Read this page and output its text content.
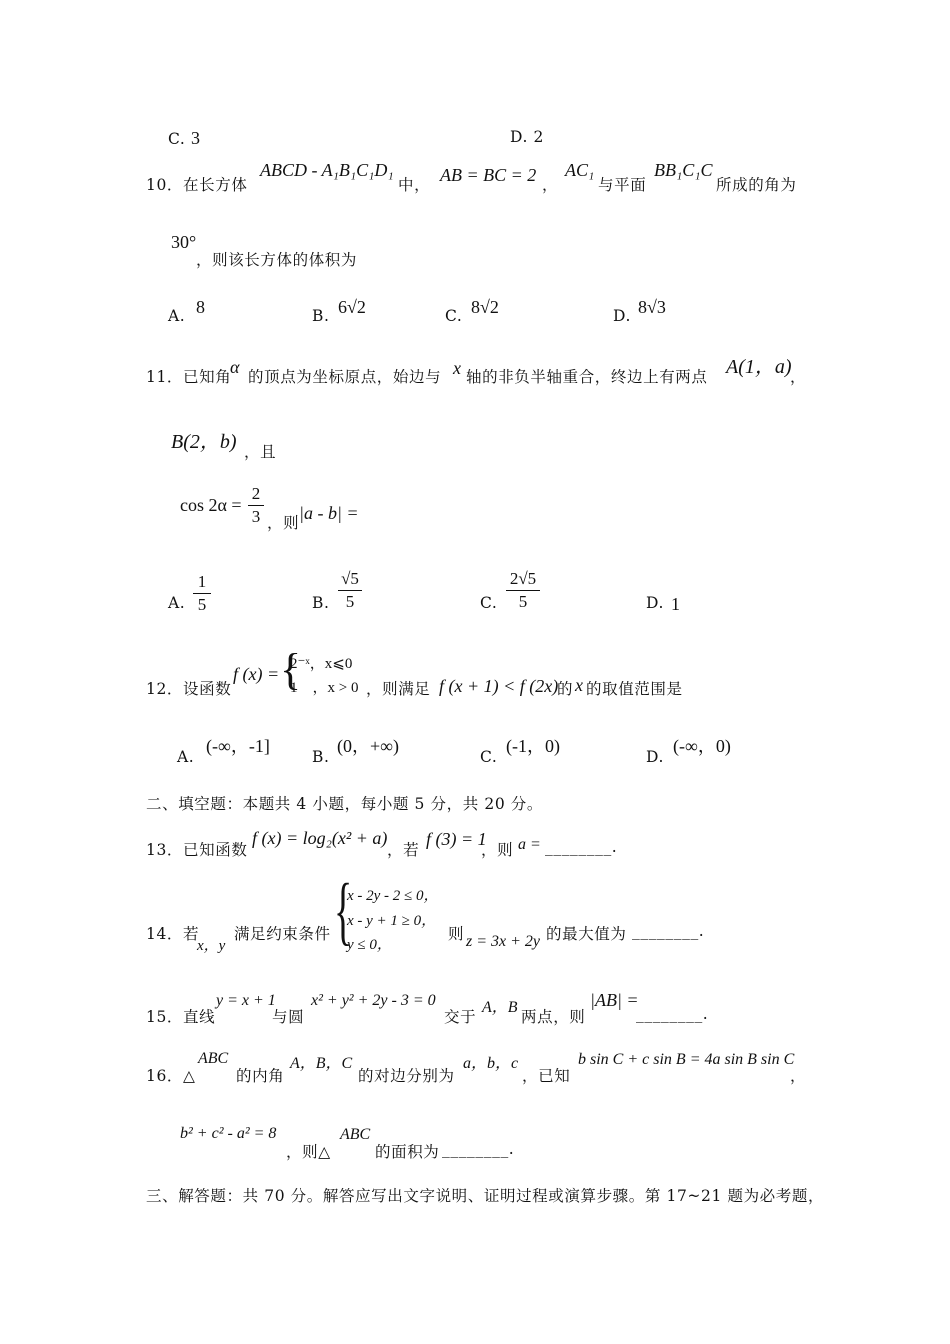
C. 3	D. 2
10．在长方体
ABCD - A₁B₁C₁D₁
中， AB = BC = 2 ，
AC₁
与平面
BB₁C₁C
所成的角为
30°
，则该长方体的体积为
A. 8	B. 6√2	C. 8√2	D. 8√3
11．已知角
α 的顶点为坐标原点，始边与 x 轴的非负半轴重合，终边上有两点 A(1，a)
，
B(2，b) ，且
cos 2α =
2
3 ，则 |a - b| =
A.
1
5	B.
√5
5	C.
2√5
5	D. 1
12．设函数
f (x) = {
2⁻ˣ，x⩽0
1　，x > 0 ，则满足 f (x + 1) < f (2x)
的 x 的取值范围是
A.
(-∞，-1]
B.
(0，+∞)
C.
(-1，0)
D.
(-∞，0)
二、填空题：本题共 4 小题，每小题 5 分，共 20 分。
13．已知函数
f (x) = log₂(x² + a)
，若
f (3) = 1
，则 a = ________.
14．若
x，y
满足约束条件 {
x - 2y - 2 ≤ 0，
x - y + 1 ≥ 0，
y ≤ 0，
则 z = 3x + 2y 的最大值为 ________.
15．直线
y = x + 1
与圆
x² + y² + 2y - 3 = 0
交于
A，B
两点，则
|AB| =
________.
16．△
ABC
的内角
A，B，C
的对边分别为
a，b，c
，已知
b sin C + c sin B = 4a sin B sin C
，
b² + c² - a² = 8
，则△
ABC
的面积为 ________.
三、解答题：共 70 分。解答应写出文字说明、证明过程或演算步骤。第 17~21 题为必考题，
